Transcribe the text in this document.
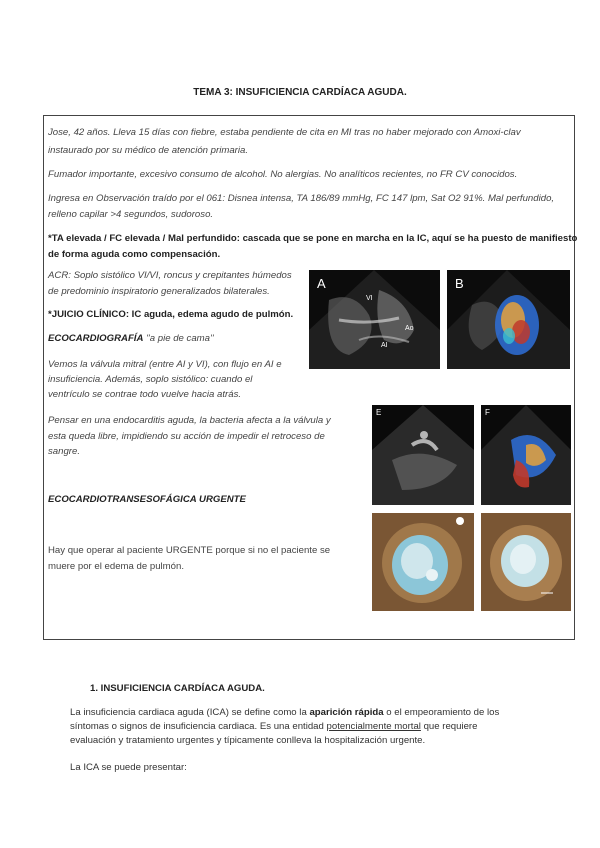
TEMA 3: INSUFICIENCIA CARDÍACA AGUDA.
Jose, 42 años. Lleva 15 días con fiebre, estaba pendiente de cita en MI tras no haber mejorado con Amoxi-clav
instaurado por su médico de atención primaria.
Fumador importante, excesivo consumo de alcohol. No alergias. No analíticos recientes, no FR CV conocidos.
Ingresa en Observación traído por el 061: Disnea intensa, TA 186/89 mmHg, FC 147 lpm, Sat O2 91%. Mal perfundido,
relleno capilar >4 segundos, sudoroso.
*TA elevada / FC elevada / Mal perfundido: cascada que se pone en marcha en la IC, aquí se ha puesto de manifiesto
de forma aguda como compensación.
ACR: Soplo sistólico VI/VI, roncus y crepitantes húmedos
de predominio inspiratorio generalizados bilaterales.
*JUICIO CLÍNICO: IC aguda, edema agudo de pulmón.
ECOCARDIOGRAFÍA ''a pie de cama''
Vemos la válvula mitral (entre AI y VI), con flujo en AI e
insuficiencia. Además, soplo sistólico: cuando el
ventrículo se contrae todo vuelve hacia atrás.
Pensar en una endocarditis aguda, la bacteria afecta a la válvula y
esta queda libre, impidiendo su acción de impedir el retroceso de
sangre.
ECOCARDIOTRANSESOFÁGICA URGENTE
Hay que operar al paciente URGENTE porque si no el paciente se
muere por el edema de pulmón.
A
VI
Ao
AI
B
E	F
1. INSUFICIENCIA CARDÍACA AGUDA.
La insuficiencia cardiaca aguda (ICA) se define como la aparición rápida o el empeoramiento de los
síntomas o signos de insuficiencia cardiaca. Es una entidad potencialmente mortal que requiere
evaluación y tratamiento urgentes y típicamente conlleva la hospitalización urgente.
La ICA se puede presentar:
